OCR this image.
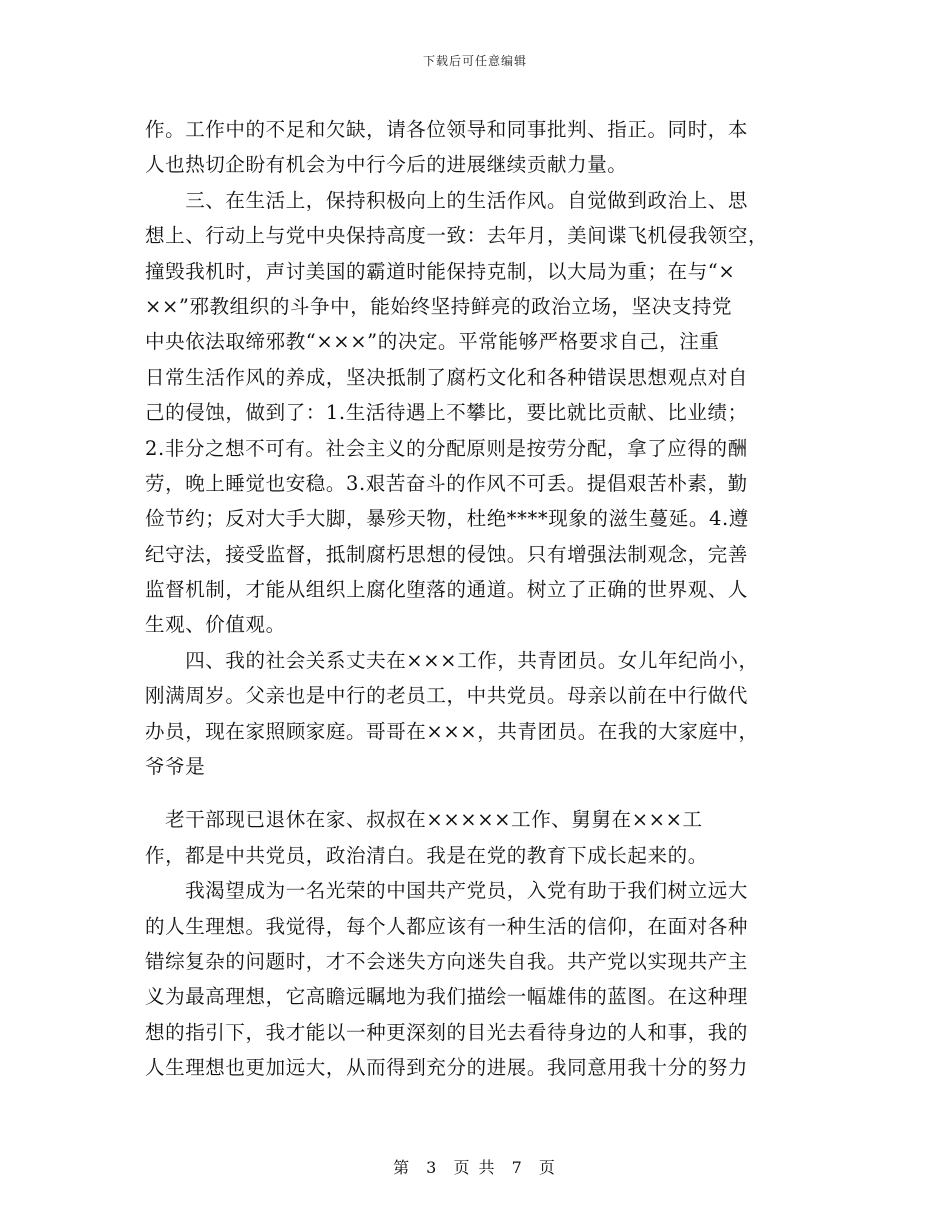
下载后可任意编辑
作。工作中的不足和欠缺，请各位领导和同事批判、指正。同时，本
人也热切企盼有机会为中行今后的进展继续贡献力量。
　　三、在生活上，保持积极向上的生活作风。自觉做到政治上、思
想上、行动上与党中央保持高度一致：去年月，美间谍飞机侵我领空，
撞毁我机时，声讨美国的霸道时能保持克制，以大局为重；在与“×
××”邪教组织的斗争中，能始终坚持鲜亮的政治立场，坚决支持党
中央依法取缔邪教“×××”的决定。平常能够严格要求自己，注重
日常生活作风的养成，坚决抵制了腐朽文化和各种错误思想观点对自
己的侵蚀，做到了：1.生活待遇上不攀比，要比就比贡献、比业绩；
2.非分之想不可有。社会主义的分配原则是按劳分配，拿了应得的酬
劳，晚上睡觉也安稳。3.艰苦奋斗的作风不可丢。提倡艰苦朴素，勤
俭节约；反对大手大脚，暴殄天物，杜绝****现象的滋生蔓延。4.遵
纪守法，接受监督，抵制腐朽思想的侵蚀。只有增强法制观念，完善
监督机制，才能从组织上腐化堕落的通道。树立了正确的世界观、人
生观、价值观。
　　四、我的社会关系丈夫在×××工作，共青团员。女儿年纪尚小，
刚满周岁。父亲也是中行的老员工，中共党员。母亲以前在中行做代
办员，现在家照顾家庭。哥哥在×××，共青团员。在我的大家庭中，
爷爷是
　老干部现已退休在家、叔叔在×××××工作、舅舅在×××工
作，都是中共党员，政治清白。我是在党的教育下成长起来的。
　　我渴望成为一名光荣的中国共产党员，入党有助于我们树立远大
的人生理想。我觉得，每个人都应该有一种生活的信仰，在面对各种
错综复杂的问题时，才不会迷失方向迷失自我。共产党以实现共产主
义为最高理想，它高瞻远瞩地为我们描绘一幅雄伟的蓝图。在这种理
想的指引下，我才能以一种更深刻的目光去看待身边的人和事，我的
人生理想也更加远大，从而得到充分的进展。我同意用我十分的努力
第 3 页 共 7 页
